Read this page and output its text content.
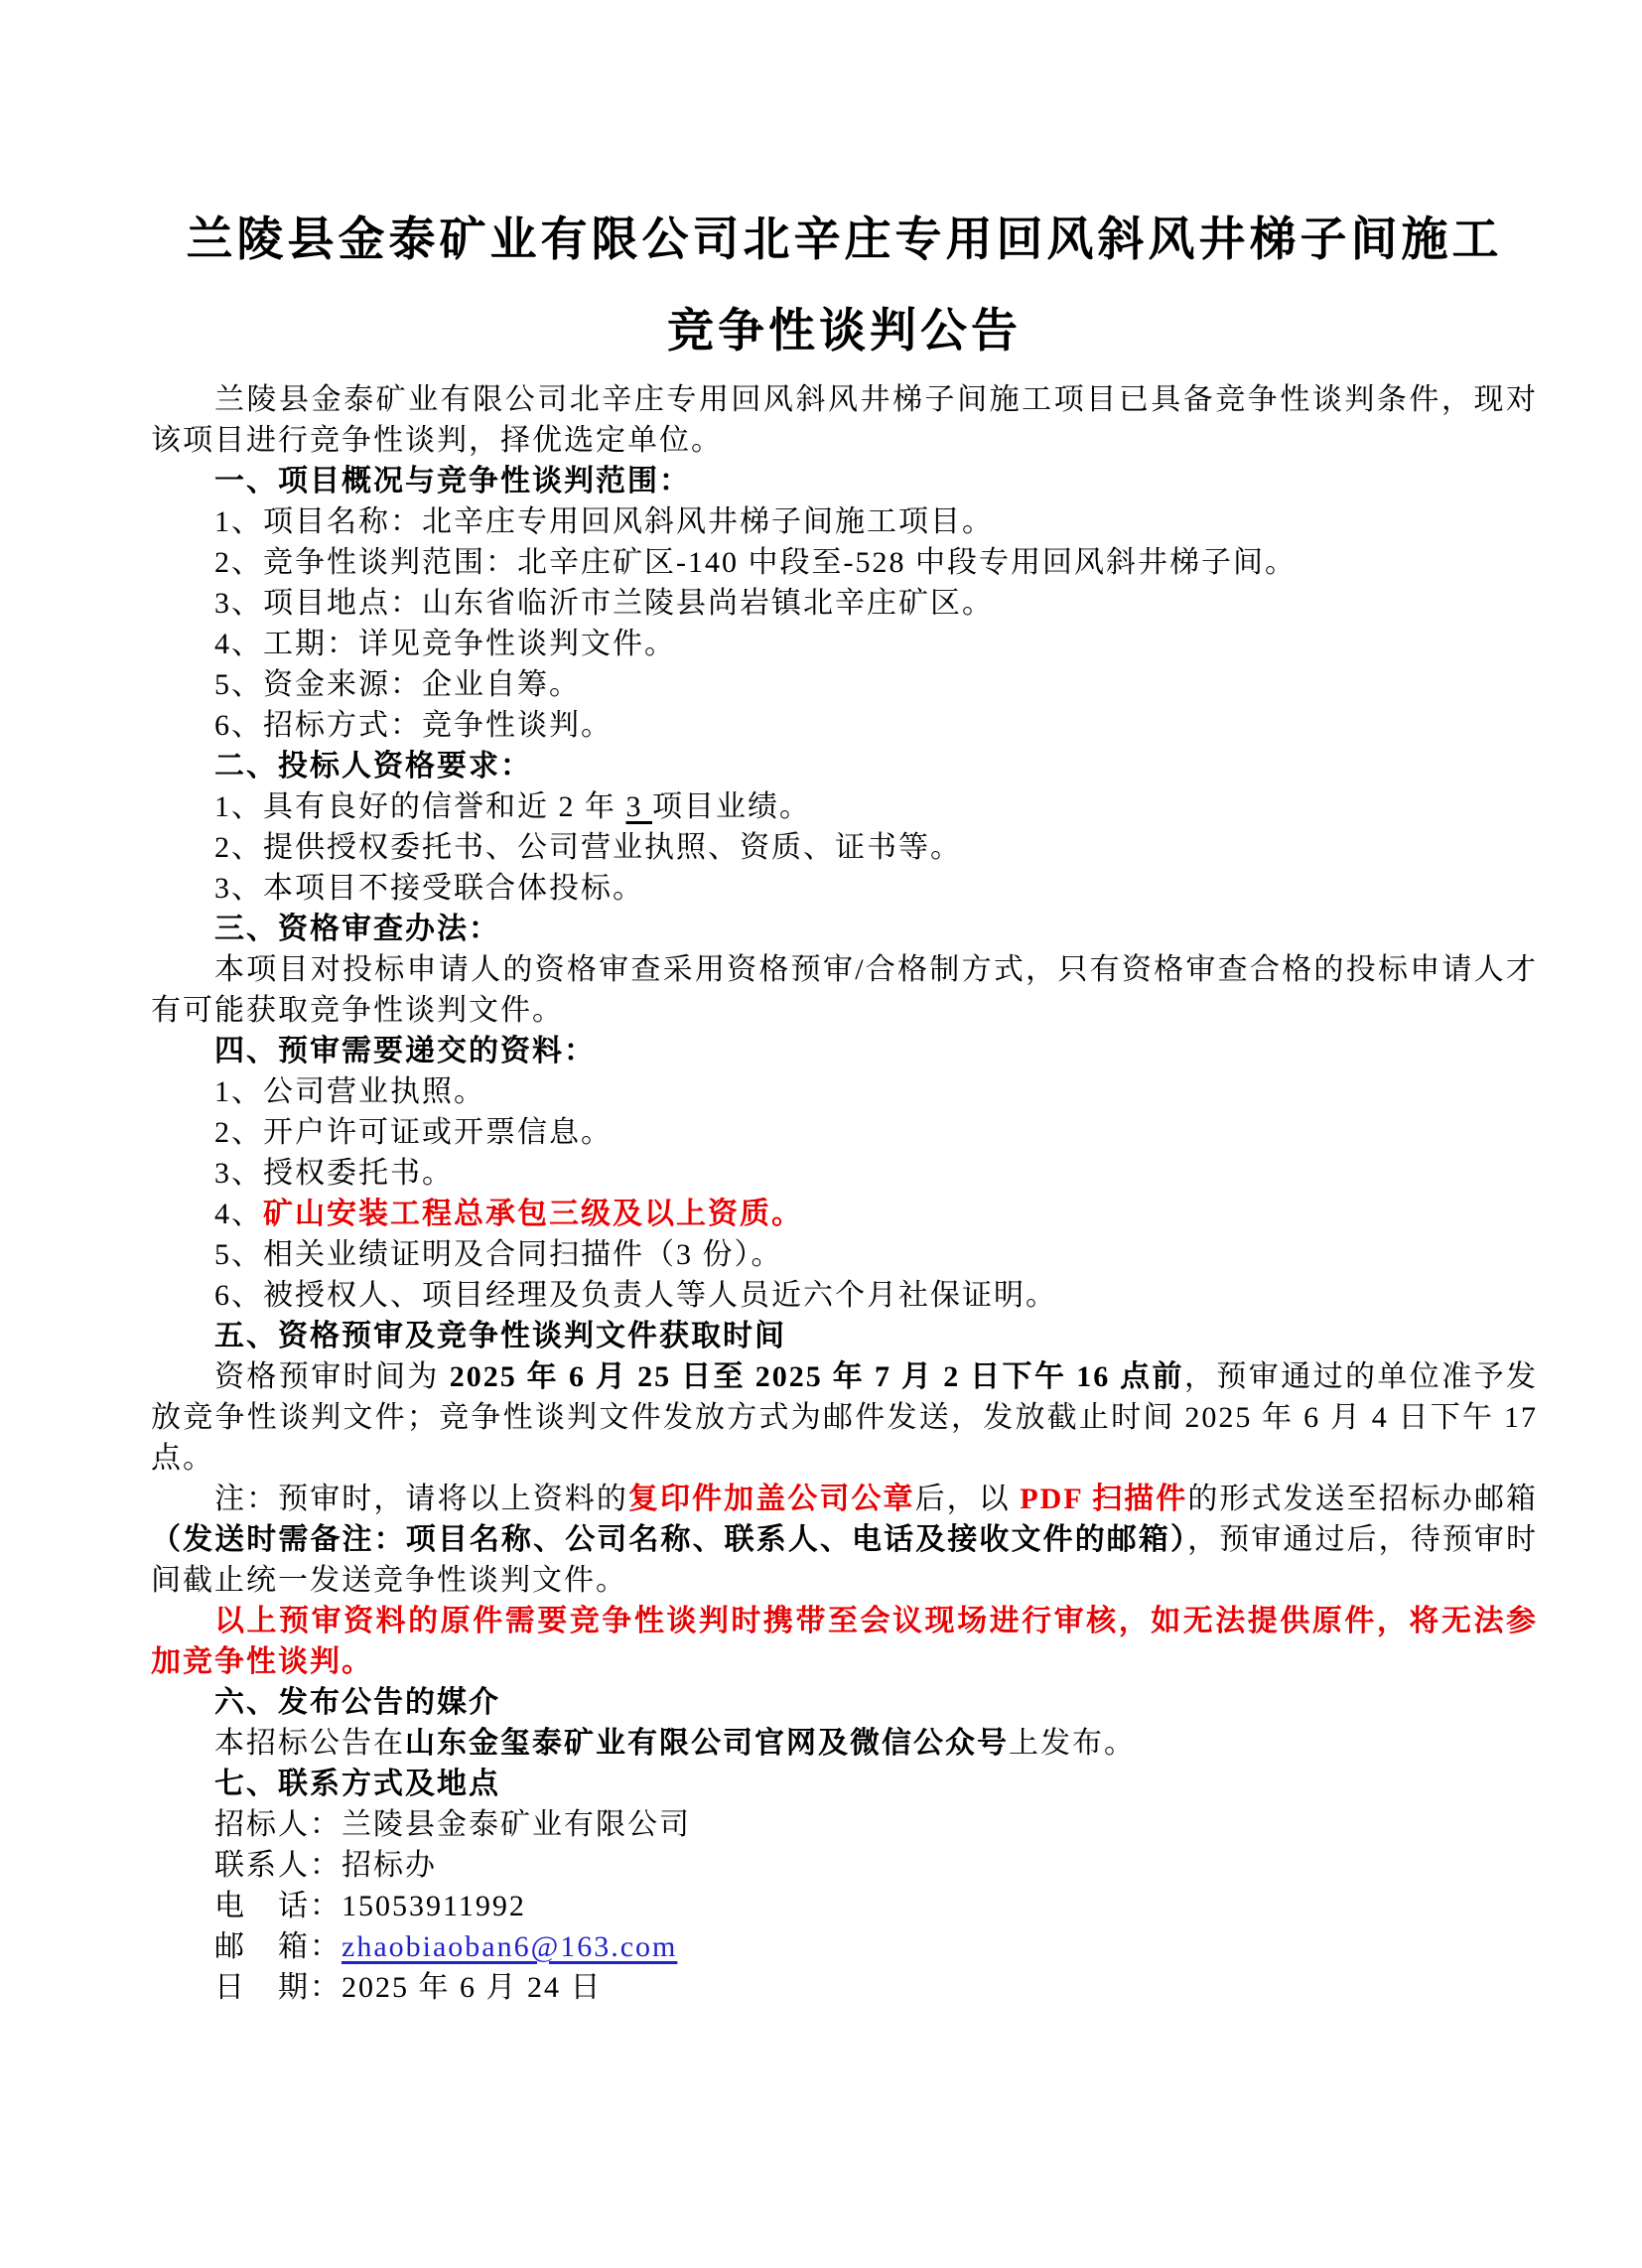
兰陵县金泰矿业有限公司北辛庄专用回风斜风井梯子间施工
竞争性谈判公告

兰陵县金泰矿业有限公司北辛庄专用回风斜风井梯子间施工项目已具备竞争性谈判条件，现对该项目进行竞争性谈判，择优选定单位。

一、项目概况与竞争性谈判范围：

1、项目名称：北辛庄专用回风斜风井梯子间施工项目。

2、竞争性谈判范围：北辛庄矿区-140 中段至-528 中段专用回风斜井梯子间。

3、项目地点：山东省临沂市兰陵县尚岩镇北辛庄矿区。

4、工期：详见竞争性谈判文件。

5、资金来源：企业自筹。

6、招标方式：竞争性谈判。

二、投标人资格要求：

1、具有良好的信誉和近 2 年 3 项目业绩。

2、提供授权委托书、公司营业执照、资质、证书等。

3、本项目不接受联合体投标。

三、资格审查办法：

本项目对投标申请人的资格审查采用资格预审/合格制方式，只有资格审查合格的投标申请人才有可能获取竞争性谈判文件。

四、预审需要递交的资料：

1、公司营业执照。

2、开户许可证或开票信息。

3、授权委托书。

4、矿山安装工程总承包三级及以上资质。

5、相关业绩证明及合同扫描件（3 份）。

6、被授权人、项目经理及负责人等人员近六个月社保证明。

五、资格预审及竞争性谈判文件获取时间

资格预审时间为 2025 年 6 月 25 日至 2025 年 7 月 2 日下午 16 点前，预审通过的单位准予发放竞争性谈判文件；竞争性谈判文件发放方式为邮件发送，发放截止时间 2025 年 6 月 4 日下午 17 点。

注：预审时，请将以上资料的复印件加盖公司公章后，以 PDF 扫描件的形式发送至招标办邮箱（发送时需备注：项目名称、公司名称、联系人、电话及接收文件的邮箱），预审通过后，待预审时间截止统一发送竞争性谈判文件。

以上预审资料的原件需要竞争性谈判时携带至会议现场进行审核，如无法提供原件，将无法参加竞争性谈判。

六、发布公告的媒介

本招标公告在山东金玺泰矿业有限公司官网及微信公众号上发布。

七、联系方式及地点

招标人：兰陵县金泰矿业有限公司

联系人：招标办

电　话：15053911992

邮　箱：zhaobiaoban6@163.com

日　期：2025 年 6 月 24 日
